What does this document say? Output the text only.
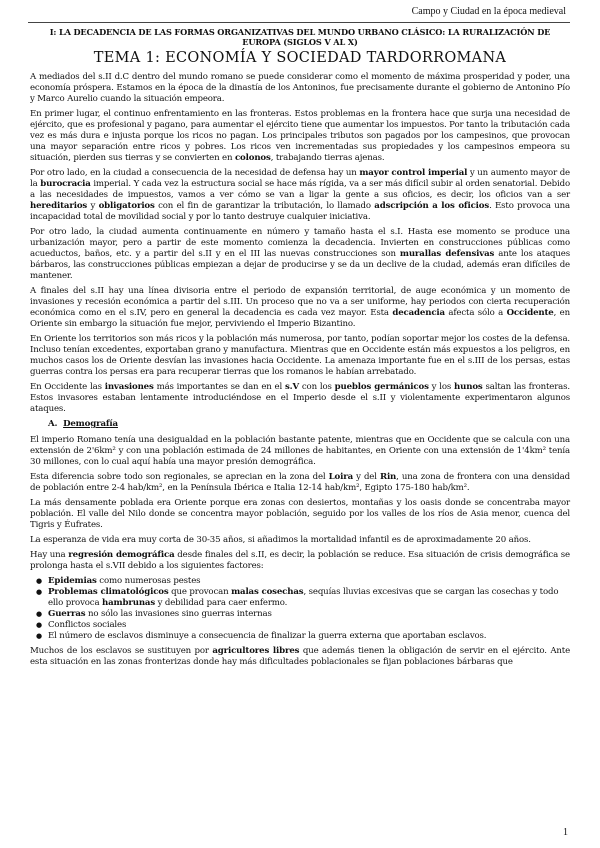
Campo y Ciudad en la época medieval
I: LA DECADENCIA DE LAS FORMAS ORGANIZATIVAS DEL MUNDO URBANO CLÁSICO: LA RURALIZACIÓN DE EUROPA (SIGLOS V AL X)
TEMA 1: ECONOMÍA Y SOCIEDAD TARDORROMANA

A mediados del s.II d.C dentro del mundo romano se puede considerar como el momento de máxima prosperidad y poder, una economía próspera. Estamos en la época de la dinastía de los Antoninos, fue precisamente durante el gobierno de Antonino Pío y Marco Aurelio cuando la situación empeora.

En primer lugar, el continuo enfrentamiento en las fronteras. Estos problemas en la frontera hace que surja una necesidad de ejército, que es profesional y pagano, para aumentar el ejército tiene que aumentar los impuestos. Por tanto la tributación cada vez es más dura e injusta porque los ricos no pagan. Los principales tributos son pagados por los campesinos, que provocan una mayor separación entre ricos y pobres. Los ricos ven incrementadas sus propiedades y los campesinos empeora su situación, pierden sus tierras y se convierten en colonos, trabajando tierras ajenas.

Por otro lado, en la ciudad a consecuencia de la necesidad de defensa hay un mayor control imperial y un aumento mayor de la burocracia imperial. Y cada vez la estructura social se hace más rígida, va a ser más difícil subir al orden senatorial. Debido a las necesidades de impuestos, vamos a ver cómo se van a ligar la gente a sus oficios, es decir, los oficios van a ser hereditarios y obligatorios con el fin de garantizar la tributación, lo llamado adscripción a los oficios. Esto provoca una incapacidad total de movilidad social y por lo tanto destruye cualquier iniciativa.

Por otro lado, la ciudad aumenta continuamente en número y tamaño hasta el s.I. Hasta ese momento se produce una urbanización mayor, pero a partir de este momento comienza la decadencia. Invierten en construcciones públicas como acueductos, baños, etc. y a partir del s.II y en el III las nuevas construcciones son murallas defensivas ante los ataques bárbaros, las construcciones públicas empiezan a dejar de producirse y se da un declive de la ciudad, además eran difíciles de mantener.

A finales del s.II hay una línea divisoria entre el periodo de expansión territorial, de auge económica y un momento de invasiones y recesión económica a partir del s.III. Un proceso que no va a ser uniforme, hay periodos con cierta recuperación económica como en el s.IV, pero en general la decadencia es cada vez mayor. Esta decadencia afecta sólo a Occidente, en Oriente sin embargo la situación fue mejor, perviviendo el Imperio Bizantino.

En Oriente los territorios son más ricos y la población más numerosa, por tanto, podían soportar mejor los costes de la defensa. Incluso tenían excedentes, exportaban grano y manufactura. Mientras que en Occidente están más expuestos a los peligros, en muchos casos los de Oriente desvían las invasiones hacia Occidente. La amenaza importante fue en el s.III de los persas, estas guerras contra los persas era para recuperar tierras que los romanos le habían arrebatado.

En Occidente las invasiones más importantes se dan en el s.V con los pueblos germánicos y los hunos saltan las fronteras. Estos invasores estaban lentamente introduciéndose en el Imperio desde el s.II y violentamente experimentaron algunos ataques.

A. Demografía

El imperio Romano tenía una desigualdad en la población bastante patente, mientras que en Occidente que se calcula con una extensión de 2'6km² y con una población estimada de 24 millones de habitantes, en Oriente con una extensión de 1'4km² tenía 30 millones, con lo cual aquí había una mayor presión demográfica.

Esta diferencia sobre todo son regionales, se aprecian en la zona del Loira y del Rin, una zona de frontera con una densidad de población entre 2-4 hab/km², en la Península Ibérica e Italia 12-14 hab/km², Egipto 175-180 hab/km².

La más densamente poblada era Oriente porque era zonas con desiertos, montañas y los oasis donde se concentraba mayor población. El valle del Nilo donde se concentra mayor población, seguido por los valles de los ríos de Asia menor, cuenca del Tigris y Éufrates.

La esperanza de vida era muy corta de 30-35 años, si añadimos la mortalidad infantil es de aproximadamente 20 años.

Hay una regresión demográfica desde finales del s.II, es decir, la población se reduce. Esa situación de crisis demográfica se prolonga hasta el s.VII debido a los siguientes factores:

● Epidemias como numerosas pestes
● Problemas climatológicos que provocan malas cosechas, sequías lluvias excesivas que se cargan las cosechas y todo ello provoca hambrunas y debilidad para caer enfermo.
● Guerras no sólo las invasiones sino guerras internas
● Conflictos sociales
● El número de esclavos disminuye a consecuencia de finalizar la guerra externa que aportaban esclavos.

Muchos de los esclavos se sustituyen por agricultores libres que además tienen la obligación de servir en el ejército. Ante esta situación en las zonas fronterizas donde hay más dificultades poblacionales se fijan poblaciones bárbaras que

1
